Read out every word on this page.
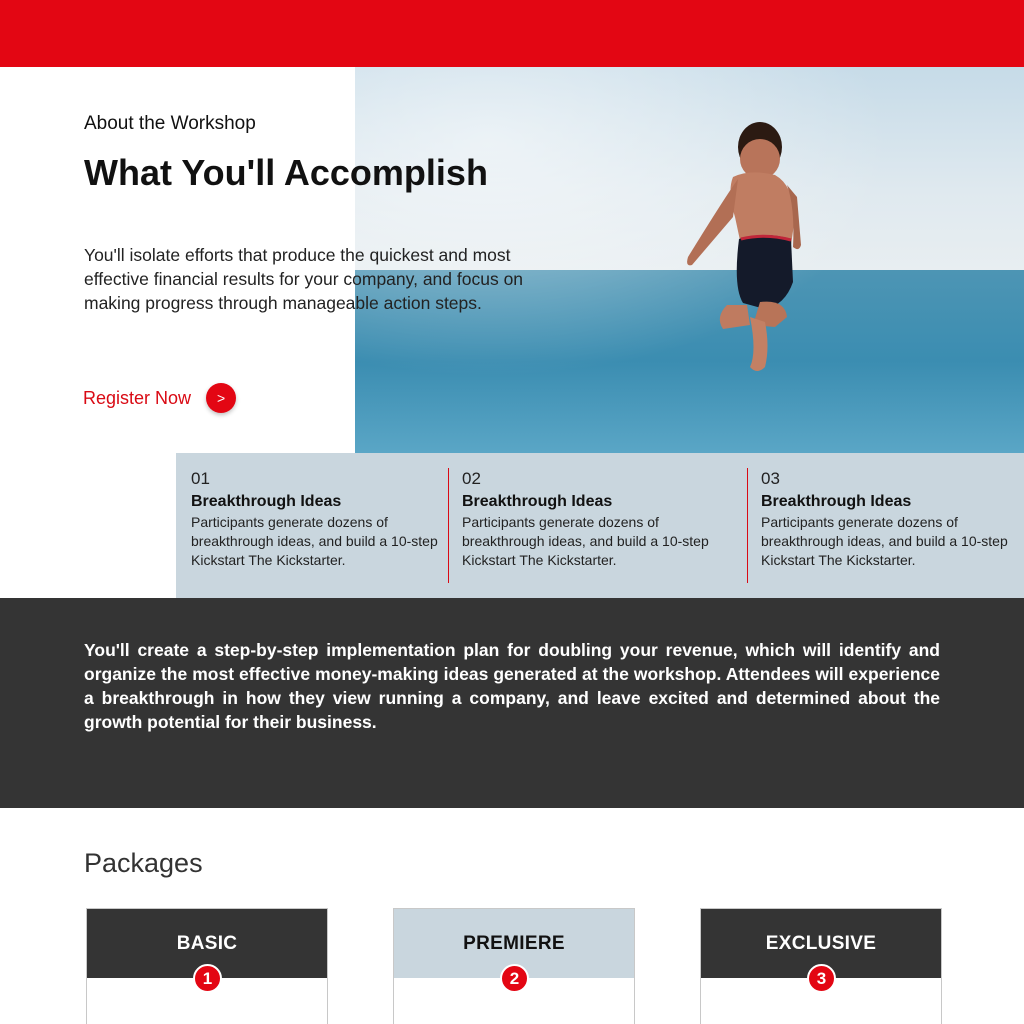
About the Workshop
What You'll Accomplish
You'll isolate efforts that produce the quickest and most effective financial results for your company, and focus on making progress through manageable action steps.
Register Now	>
01
Breakthrough Ideas
Participants generate dozens of breakthrough ideas, and build a 10-step Kickstart The Kickstarter.
02
Breakthrough Ideas
Participants generate dozens of breakthrough ideas, and build a 10-step Kickstart The Kickstarter.
03
Breakthrough Ideas
Participants generate dozens of breakthrough ideas, and build a 10-step Kickstart The Kickstarter.
You'll create a step-by-step implementation plan for doubling your revenue, which will identify and organize the most effective money-making ideas generated at the workshop. Attendees will experience a breakthrough in how they view running a company, and leave excited and determined about the growth potential for their business.
Packages
BASIC
1
PREMIERE
2
EXCLUSIVE
3
